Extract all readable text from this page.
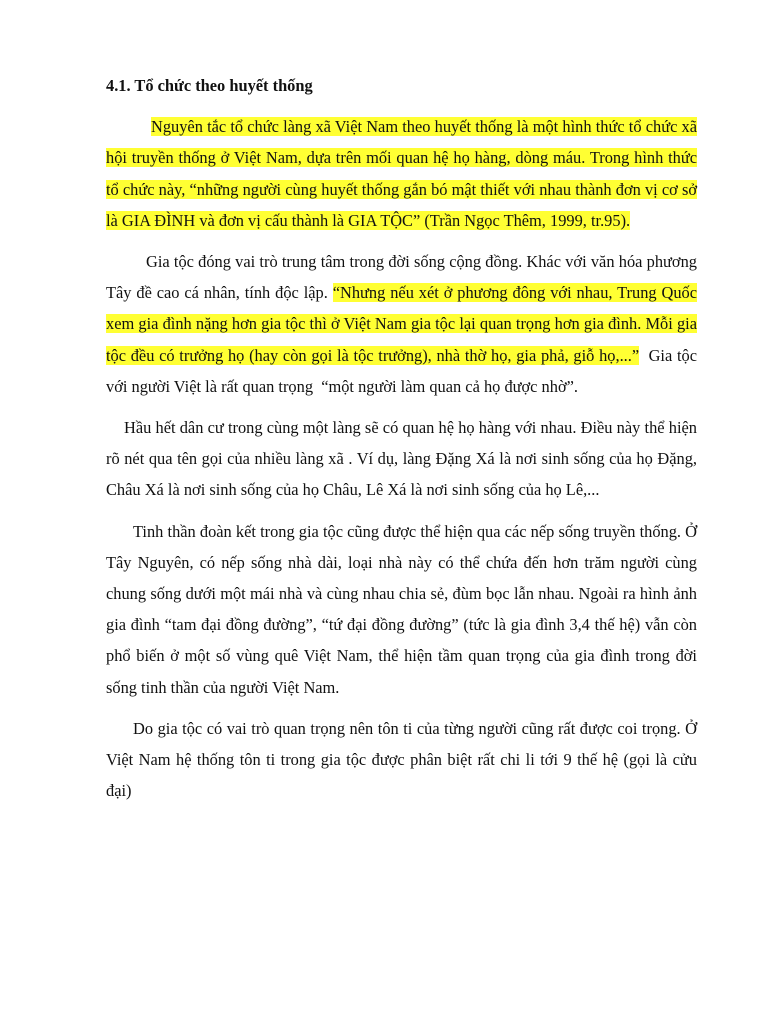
4.1. Tổ chức theo huyết thống

Nguyên tắc tổ chức làng xã Việt Nam theo huyết thống là một hình thức tổ chức xã hội truyền thống ở Việt Nam, dựa trên mối quan hệ họ hàng, dòng máu. Trong hình thức tổ chức này, “những người cùng huyết thống gắn bó mật thiết với nhau thành đơn vị cơ sở là GIA ĐÌNH và đơn vị cấu thành là GIA TỘC” (Trần Ngọc Thêm, 1999, tr.95).

Gia tộc đóng vai trò trung tâm trong đời sống cộng đồng. Khác với văn hóa phương Tây đề cao cá nhân, tính độc lập. “Nhưng nếu xét ở phương đông với nhau, Trung Quốc xem gia đình nặng hơn gia tộc thì ở Việt Nam gia tộc lại quan trọng hơn gia đình. Mỗi gia tộc đều có trưởng họ (hay còn gọi là tộc trưởng), nhà thờ họ, gia phả, giỗ họ,...”  Gia tộc với người Việt là rất quan trọng  “một người làm quan cả họ được nhờ”.

Hầu hết dân cư trong cùng một làng sẽ có quan hệ họ hàng với nhau. Điều này thể hiện rõ nét qua tên gọi của nhiều làng xã . Ví dụ, làng Đặng Xá là nơi sinh sống của họ Đặng, Châu Xá là nơi sinh sống của họ Châu, Lê Xá là nơi sinh sống của họ Lê,...

Tinh thần đoàn kết trong gia tộc cũng được thể hiện qua các nếp sống truyền thống. Ở Tây Nguyên, có nếp sống nhà dài, loại nhà này có thể chứa đến hơn trăm người cùng chung sống dưới một mái nhà và cùng nhau chia sẻ, đùm bọc lẫn nhau. Ngoài ra hình ảnh gia đình “tam đại đồng đường”, “tứ đại đồng đường” (tức là gia đình 3,4 thế hệ) vẫn còn phổ biến ở một số vùng quê Việt Nam, thể hiện tầm quan trọng của gia đình trong đời sống tinh thần của người Việt Nam.

Do gia tộc có vai trò quan trọng nên tôn ti của từng người cũng rất được coi trọng. Ở Việt Nam hệ thống tôn ti trong gia tộc được phân biệt rất chi li tới 9 thế hệ (gọi là cửu đại)
